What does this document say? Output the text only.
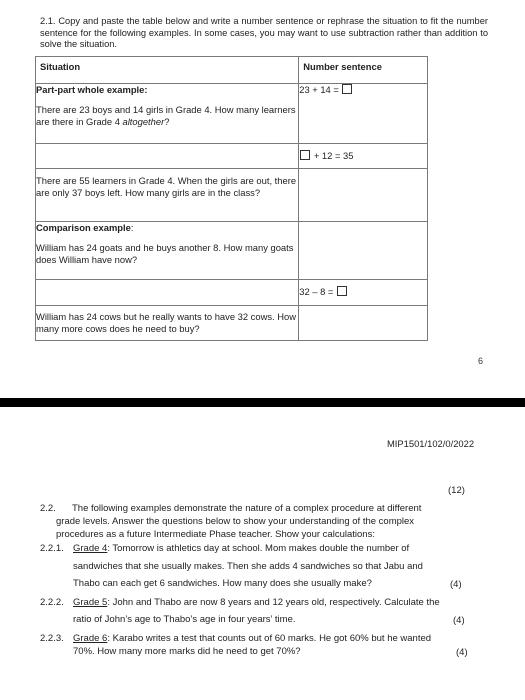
2.1. Copy and paste the table below and write a number sentence or rephrase the situation to fit the number sentence for the following examples. In some cases, you may want to use subtraction rather than addition to solve the situation.
Situation	Number sentence

Part-part whole example:
There are 23 boys and 14 girls in Grade 4. How many learners are there in Grade 4 altogether?	23 + 14 =
	+ 12 = 35

There are 55 learners in Grade 4. When the girls are out, there are only 37 boys left. How many girls are in the class?	

Comparison example:
William has 24 goats and he buys another 8. How many goats does William have now?	

	32 – 8 =

William has 24 cows but he really wants to have 32 cows. How many more cows does he need to buy?	

6
MIP1501/102/0/2022
(12)
2.2. The following examples demonstrate the nature of a complex procedure at different
grade levels. Answer the questions below to show your understanding of the complex
procedures as a future Intermediate Phase teacher. Show your calculations:
2.2.1. Grade 4: Tomorrow is athletics day at school. Mom makes double the number of
sandwiches that she usually makes. Then she adds 4 sandwiches so that Jabu and
Thabo can each get 6 sandwiches. How many does she usually make?	(4)
2.2.2. Grade 5: John and Thabo are now 8 years and 12 years old, respectively. Calculate the
ratio of John’s age to Thabo’s age in four years’ time.	(4)
2.2.3. Grade 6: Karabo writes a test that counts out of 60 marks. He got 60% but he wanted
70%. How many more marks did he need to get 70%?	(4)
